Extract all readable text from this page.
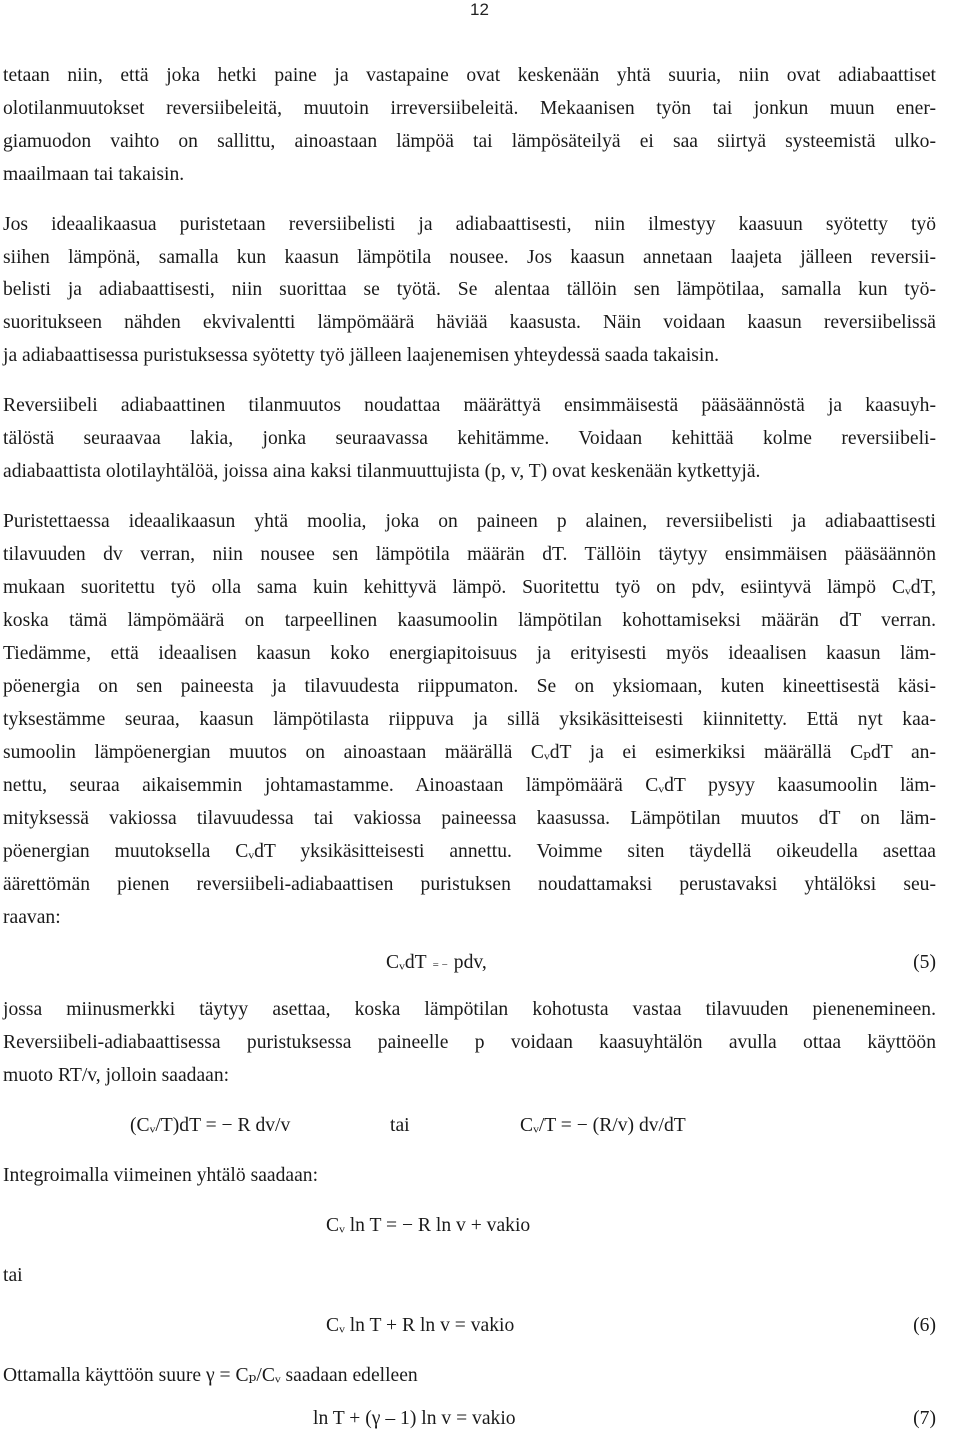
12
tetaan niin, että joka hetki paine ja vastapaine ovat keskenään yhtä suuria, niin ovat adiabaattiset
olotilanmuutokset reversiibeleitä, muutoin irreversiibeleitä. Mekaanisen työn tai jonkun muun ener-
giamuodon vaihto on sallittu, ainoastaan lämpöä tai lämpösäteilyä ei saa siirtyä systeemistä ulko-
maailmaan tai takaisin.
Jos ideaalikaasua puristetaan reversiibelisti ja adiabaattisesti, niin ilmestyy kaasuun syötetty työ
siihen lämpönä, samalla kun kaasun lämpötila nousee. Jos kaasun annetaan laajeta jälleen reversii-
belisti ja adiabaattisesti, niin suorittaa se työtä. Se alentaa tällöin sen lämpötilaa, samalla kun työ-
suoritukseen nähden ekvivalentti lämpömäärä häviää kaasusta. Näin voidaan kaasun reversiibelissä
ja adiabaattisessa puristuksessa syötetty työ jälleen laajenemisen yhteydessä saada takaisin.
Reversiibeli adiabaattinen tilanmuutos noudattaa määrättyä ensimmäisestä pääsäännöstä ja kaasuyh-
tälöstä seuraavaa lakia, jonka seuraavassa kehitämme. Voidaan kehittää kolme reversiibeli-
adiabaattista olotilayhtälöä, joissa aina kaksi tilanmuuttujista (p, v, T) ovat keskenään kytkettyjä.
Puristettaessa ideaalikaasun yhtä moolia, joka on paineen p alainen, reversiibelisti ja adiabaattisesti
tilavuuden dv verran, niin nousee sen lämpötila määrän dT. Tällöin täytyy ensimmäisen pääsäännön
mukaan suoritettu työ olla sama kuin kehittyvä lämpö. Suoritettu työ on pdv, esiintyvä lämpö CᵥdT,
koska tämä lämpömäärä on tarpeellinen kaasumoolin lämpötilan kohottamiseksi määrän dT verran.
Tiedämme, että ideaalisen kaasun koko energiapitoisuus ja erityisesti myös ideaalisen kaasun läm-
pöenergia on sen paineesta ja tilavuudesta riippumaton. Se on yksiomaan, kuten kineettisestä käsi-
tyksestämme seuraa, kaasun lämpötilasta riippuva ja sillä yksikäsitteisesti kiinnitetty. Että nyt kaa-
sumoolin lämpöenergian muutos on ainoastaan määrällä CᵥdT ja ei esimerkiksi määrällä CₚdT an-
nettu, seuraa aikaisemmin johtamastamme. Ainoastaan lämpömäärä CᵥdT pysyy kaasumoolin läm-
mityksessä vakiossa tilavuudessa tai vakiossa paineessa kaasussa. Lämpötilan muutos dT on läm-
pöenergian muutoksella CᵥdT yksikäsitteisesti annettu. Voimme siten täydellä oikeudella asettaa
äärettömän pienen reversiibeli-adiabaattisen puristuksen noudattamaksi perustavaksi yhtälöksi seu-
raavan:
CᵥdT = − pdv,	(5)
jossa miinusmerkki täytyy asettaa, koska lämpötilan kohotusta vastaa tilavuuden pienenemineen.
Reversiibeli-adiabaattisessa puristuksessa paineelle p voidaan kaasuyhtälön avulla ottaa käyttöön
muoto RT/v, jolloin saadaan:
(Cᵥ/T)dT = − R dv/v	tai	Cᵥ/T = − (R/v) dv/dT
Integroimalla viimeinen yhtälö saadaan:
Cᵥ ln T = − R ln v + vakio
tai
Cᵥ ln T + R ln v = vakio	(6)
Ottamalla käyttöön suure γ = Cₚ/Cᵥ saadaan edelleen
ln T + (γ – 1) ln v = vakio	(7)
